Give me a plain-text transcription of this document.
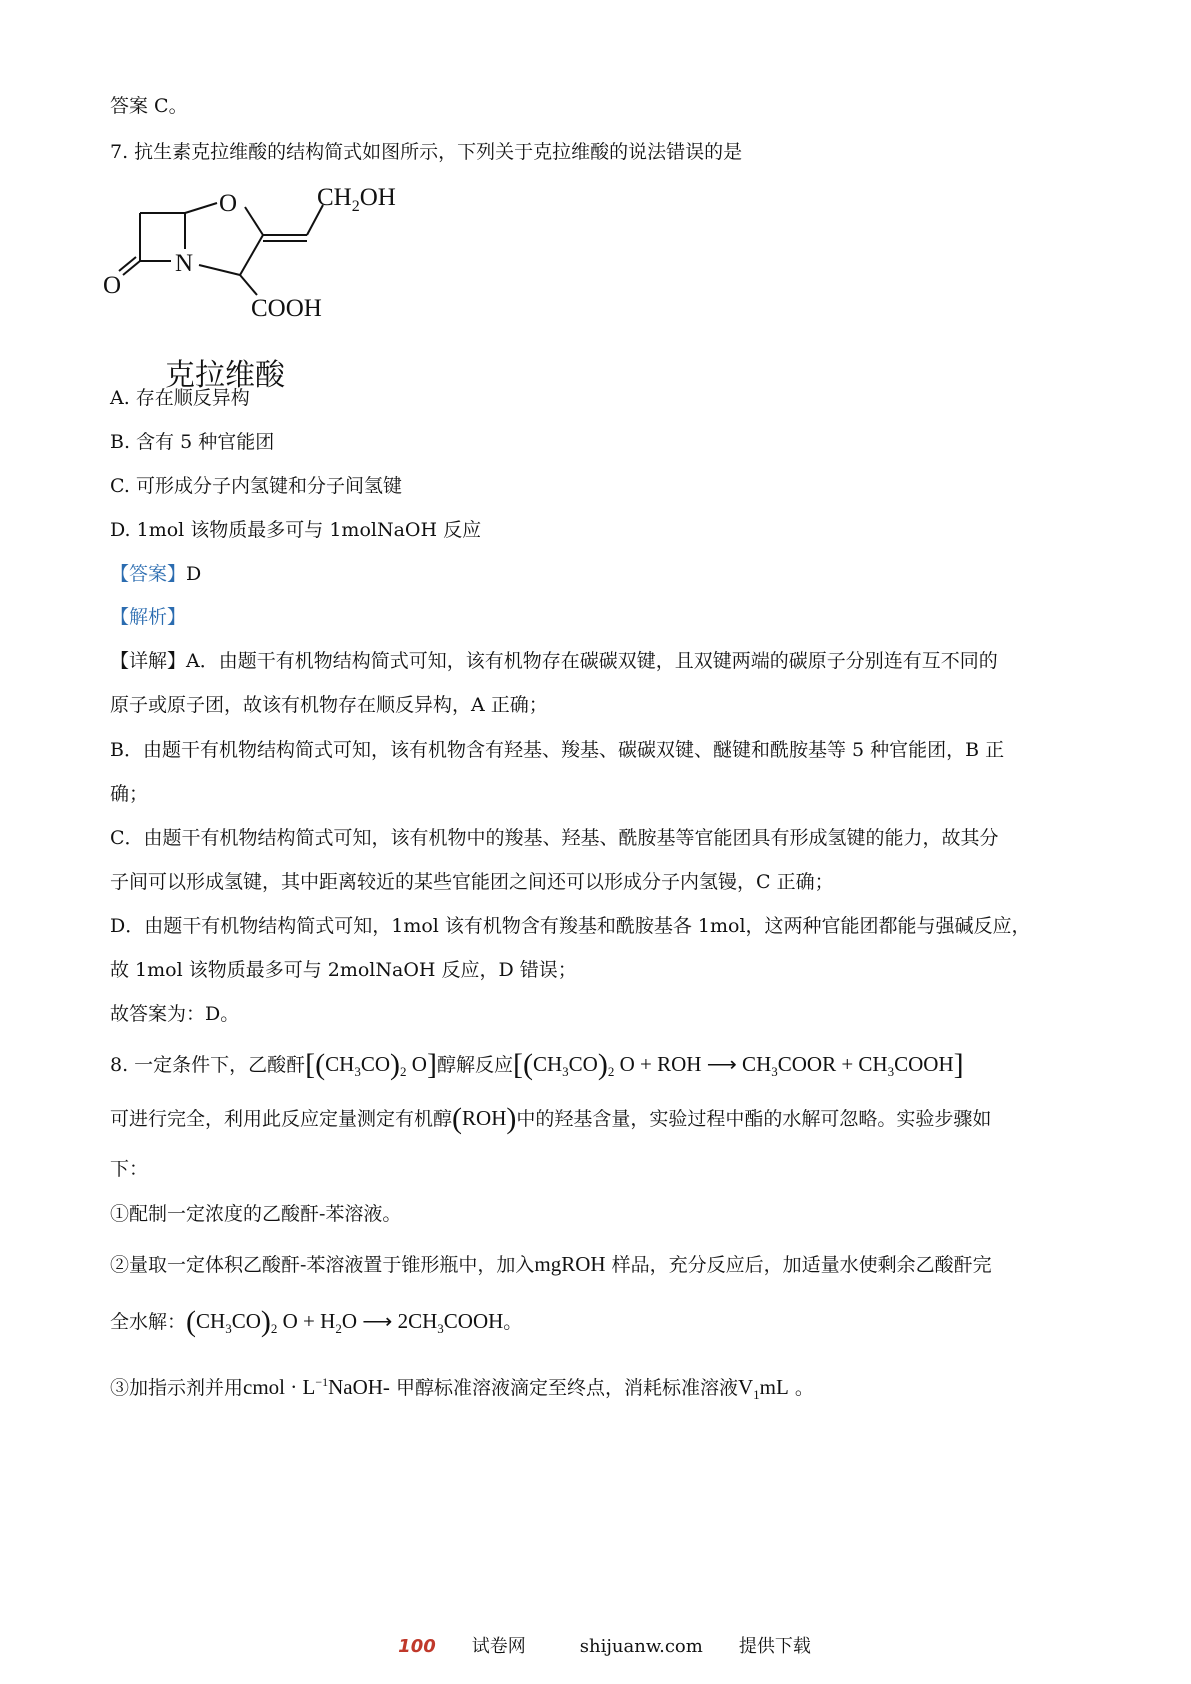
答案 C。
7. 抗生素克拉维酸的结构简式如图所示，下列关于克拉维酸的说法错误的是
O
N
O
$CH_2OH$
COOH
克拉维酸
A. 存在顺反异构
B. 含有 5 种官能团
C. 可形成分子内氢键和分子间氢键
D. 1mol 该物质最多可与 1molNaOH 反应
【答案】D
【解析】
【详解】A．由题干有机物结构简式可知，该有机物存在碳碳双键，且双键两端的碳原子分别连有互不同的
原子或原子团，故该有机物存在顺反异构，A 正确；
B．由题干有机物结构简式可知，该有机物含有羟基、羧基、碳碳双键、醚键和酰胺基等 5 种官能团，B 正
确；
C．由题干有机物结构简式可知，该有机物中的羧基、羟基、酰胺基等官能团具有形成氢键的能力，故其分
子间可以形成氢键，其中距离较近的某些官能团之间还可以形成分子内氢镘，C 正确；
D．由题干有机物结构简式可知，1mol 该有机物含有羧基和酰胺基各 1mol，这两种官能团都能与强碱反应，
故 1mol 该物质最多可与 2molNaOH 反应，D 错误；
故答案为：D。
8. 一定条件下，乙酸酐[$(CH_3CO)_2$ O]醇解反应[$(CH_3CO)_2$ O + ROH ⟶ $CH_3COOR$ + $CH_3COOH$]
可进行完全，利用此反应定量测定有机醇(ROH)中的羟基含量，实验过程中酯的水解可忽略。实验步骤如
下：
①配制一定浓度的乙酸酐-苯溶液。
②量取一定体积乙酸酐-苯溶液置于锥形瓶中，加入mgROH 样品，充分反应后，加适量水使剩余乙酸酐完
全水解：$(CH_3CO)_2$ $O + H_2O$ ⟶ $2CH_3COOH$。
③加指示剂并用cmol · $L^{-1}NaOH-$ 甲醇标准溶液滴定至终点，消耗标准溶液$V_1mL$ 。
100 试卷网	shijuanw.com 提供下载
